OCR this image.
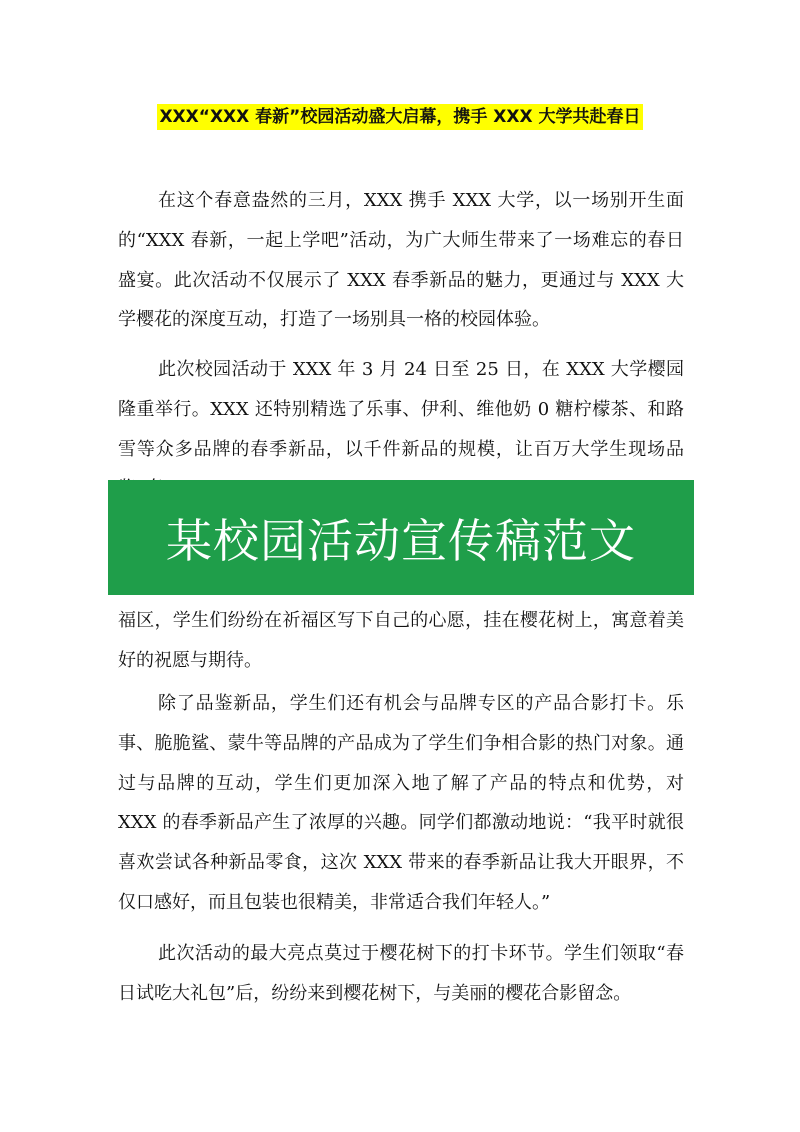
XXX“XXX 春新”校园活动盛大启幕，携手 XXX 大学共赴春日

在这个春意盎然的三月，XXX 携手 XXX 大学，以一场别开生面的“XXX 春新，一起上学吧”活动，为广大师生带来了一场难忘的春日盛宴。此次活动不仅展示了 XXX 春季新品的魅力，更通过与 XXX 大学樱花的深度互动，打造了一场别具一格的校园体验。

此次校园活动于 XXX 年 3 月 24 日至 25 日，在 XXX 大学樱园隆重举行。XXX 还特别精选了乐事、伊利、维他奶 0 糖柠檬茶、和路雪等众多品牌的春季新品，以千件新品的规模，让百万大学生现场品

某校园活动宣传稿范文

福区，学生们纷纷在祈福区写下自己的心愿，挂在樱花树上，寓意着美好的祝愿与期待。

除了品鉴新品，学生们还有机会与品牌专区的产品合影打卡。乐事、脆脆鲨、蒙牛等品牌的产品成为了学生们争相合影的热门对象。通过与品牌的互动，学生们更加深入地了解了产品的特点和优势，对 XXX 的春季新品产生了浓厚的兴趣。同学们都激动地说：“我平时就很喜欢尝试各种新品零食，这次 XXX 带来的春季新品让我大开眼界，不仅口感好，而且包装也很精美，非常适合我们年轻人。”

此次活动的最大亮点莫过于樱花树下的打卡环节。学生们领取“春日试吃大礼包”后，纷纷来到樱花树下，与美丽的樱花合影留念。
